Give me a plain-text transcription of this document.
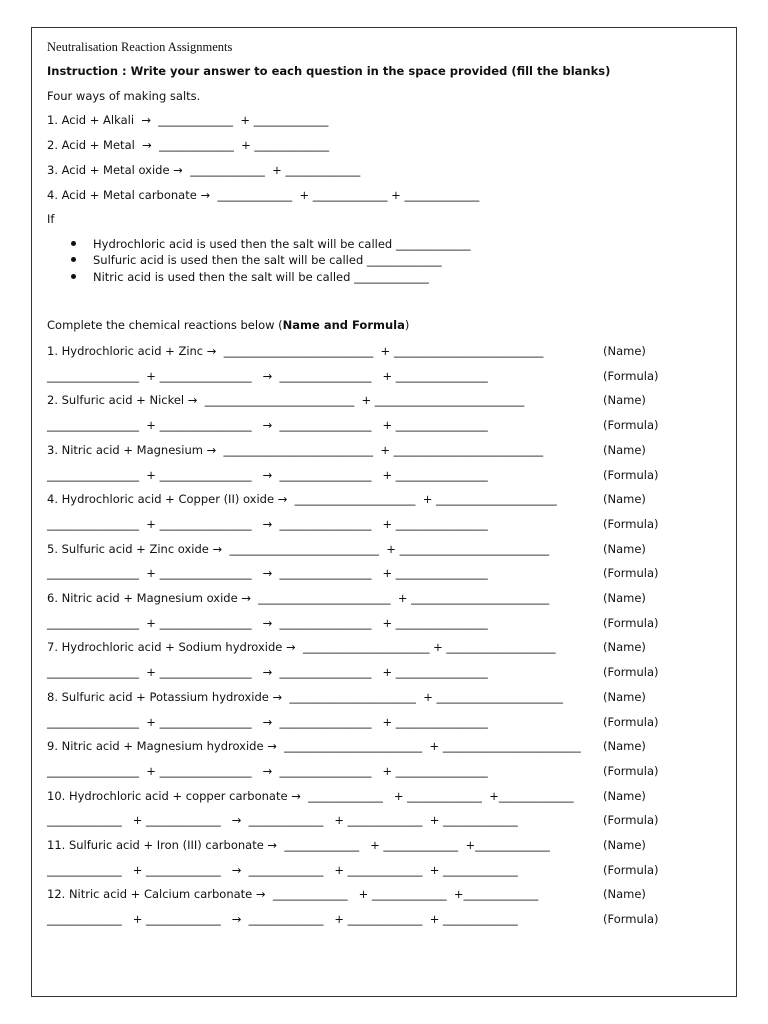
Neutralisation Reaction Assignments
Instruction : Write your answer to each question in the space provided (fill the blanks)
Four ways of making salts.
1. Acid + Alkali  →  _____________  + _____________
2. Acid + Metal  →  _____________  + _____________
3. Acid + Metal oxide →  _____________  + _____________
4. Acid + Metal carbonate →  _____________  + _____________ + _____________
If
Hydrochloric acid is used then the salt will be called _____________
Sulfuric acid is used then the salt will be called _____________
Nitric acid is used then the salt will be called _____________
Complete the chemical reactions below (Name and Formula)
1. Hydrochloric acid + Zinc →  __________________________  + __________________________	(Name)
________________  + ________________   →  ________________   + ________________	(Formula)
2. Sulfuric acid + Nickel →  __________________________  + __________________________	(Name)
________________  + ________________   →  ________________   + ________________	(Formula)
3. Nitric acid + Magnesium →  __________________________  + __________________________	(Name)
________________  + ________________   →  ________________   + ________________	(Formula)
4. Hydrochloric acid + Copper (II) oxide →  _____________________  + _____________________	(Name)
________________  + ________________   →  ________________   + ________________	(Formula)
5. Sulfuric acid + Zinc oxide →  __________________________  + __________________________	(Name)
________________  + ________________   →  ________________   + ________________	(Formula)
6. Nitric acid + Magnesium oxide →  _______________________  + ________________________	(Name)
________________  + ________________   →  ________________   + ________________	(Formula)
7. Hydrochloric acid + Sodium hydroxide →  ______________________ + ___________________	(Name)
________________  + ________________   →  ________________   + ________________	(Formula)
8. Sulfuric acid + Potassium hydroxide →  ______________________  + ______________________	(Name)
________________  + ________________   →  ________________   + ________________	(Formula)
9. Nitric acid + Magnesium hydroxide →  ________________________  + ________________________ (Name)
________________  + ________________   →  ________________   + ________________	(Formula)
10. Hydrochloric acid + copper carbonate →  _____________   + _____________  +_____________	(Name)
_____________   + _____________   →  _____________   + _____________  + _____________	(Formula)
11. Sulfuric acid + Iron (III) carbonate →  _____________   + _____________  +_____________	(Name)
_____________   + _____________   →  _____________   + _____________  + _____________	(Formula)
12. Nitric acid + Calcium carbonate →  _____________   + _____________  +_____________	(Name)
_____________   + _____________   →  _____________   + _____________  + _____________	(Formula)
